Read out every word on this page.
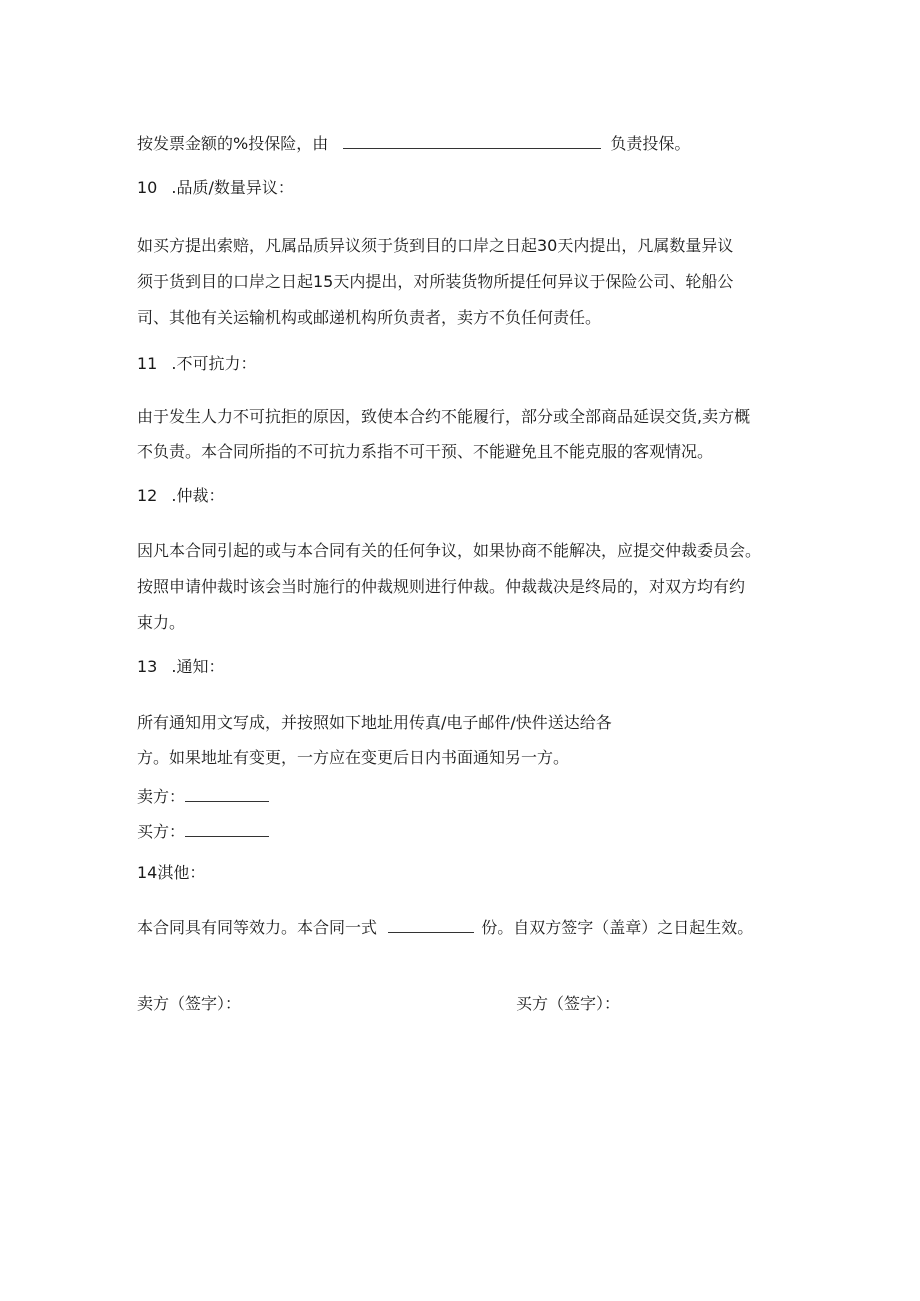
按发票金额的%投保险，由	负责投保。
10 .品质/数量异议：
如买方提出索赔，凡属品质异议须于货到目的口岸之日起30天内提出，凡属数量异议
须于货到目的口岸之日起15天内提出，对所装货物所提任何异议于保险公司、轮船公
司、其他有关运输机构或邮递机构所负责者，卖方不负任何责任。
11 .不可抗力：
由于发生人力不可抗拒的原因，致使本合约不能履行，部分或全部商品延误交货,卖方概
不负责。本合同所指的不可抗力系指不可干预、不能避免且不能克服的客观情况。
12 .仲裁：
因凡本合同引起的或与本合同有关的任何争议，如果协商不能解决，应提交仲裁委员会。
按照申请仲裁时该会当时施行的仲裁规则进行仲裁。仲裁裁决是终局的，对双方均有约
束力。
13 .通知：
所有通知用文写成，并按照如下地址用传真/电子邮件/快件送达给各
方。如果地址有变更，一方应在变更后日内书面通知另一方。
卖方：
买方：
14淇他：
本合同具有同等效力。本合同一式	份。自双方签字（盖章）之日起生效。
卖方（签字）：	买方（签字）：
